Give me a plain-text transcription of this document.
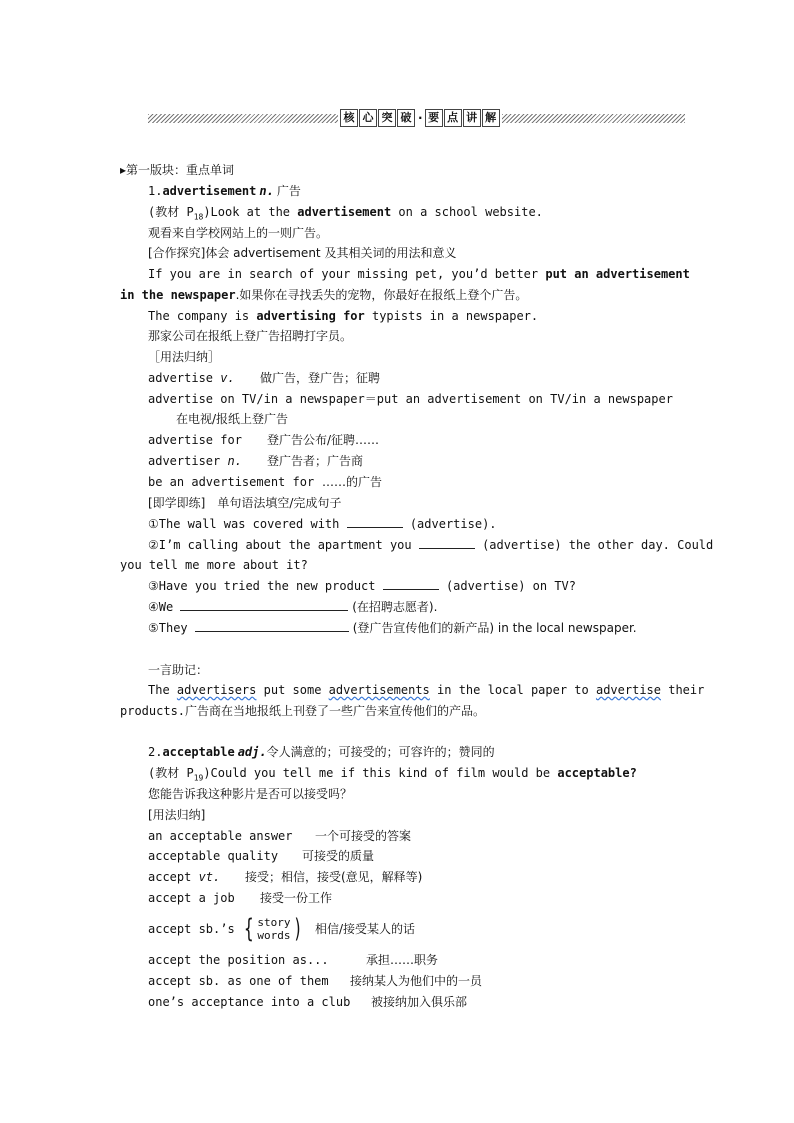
核 心 突 破 · 要 点 讲 解
▸第一版块：重点单词
1.advertisement n. 广告
(教材 $P_{18})Look$ at the advertisement on a school website.
观看来自学校网站上的一则广告。
[合作探究]体会 advertisement 及其相关词的用法和意义
If you are in search of your missing pet, you’d better put an advertisement
in the newspaper.如果你在寻找丢失的宠物，你最好在报纸上登个广告。
The company is advertising for typists in a newspaper.
那家公司在报纸上登广告招聘打字员。
［用法归纳］
advertise v. 做广告，登广告；征聘
advertise on TV/in a newspaper＝put an advertisement on TV/in a newspaper
在电视/报纸上登广告
advertise for 登广告公布/征聘……
advertiser n. 登广告者；广告商
be an advertisement for ……的广告
[即学即练]　单句语法填空/完成句子
①The wall was covered with	(advertise).
②I’m calling about the apartment you	(advertise) the other day. Could
you tell me more about it?
③Have you tried the new product	(advertise) on TV?
④We	(在招聘志愿者).
⑤They	(登广告宣传他们的新产品) in the local newspaper.
一言助记：
The advertisers put some advertisements in the local paper to advertise their
products.广告商在当地报纸上刊登了一些广告来宣传他们的产品。
2.acceptable adj.令人满意的；可接受的；可容许的；赞同的
(教材 $P_{19})Could$ you tell me if this kind of film would be acceptable?
您能告诉我这种影片是否可以接受吗？
[用法归纳]
an acceptable answer 一个可接受的答案
acceptable quality 可接受的质量
accept vt. 接受；相信，接受(意见，解释等)
accept a job 接受一份工作
accept sb.’s { story
words ) 相信/接受某人的话
accept the position as...	承担……职务
accept sb. as one of them 接纳某人为他们中的一员
one’s acceptance into a club 被接纳加入俱乐部
